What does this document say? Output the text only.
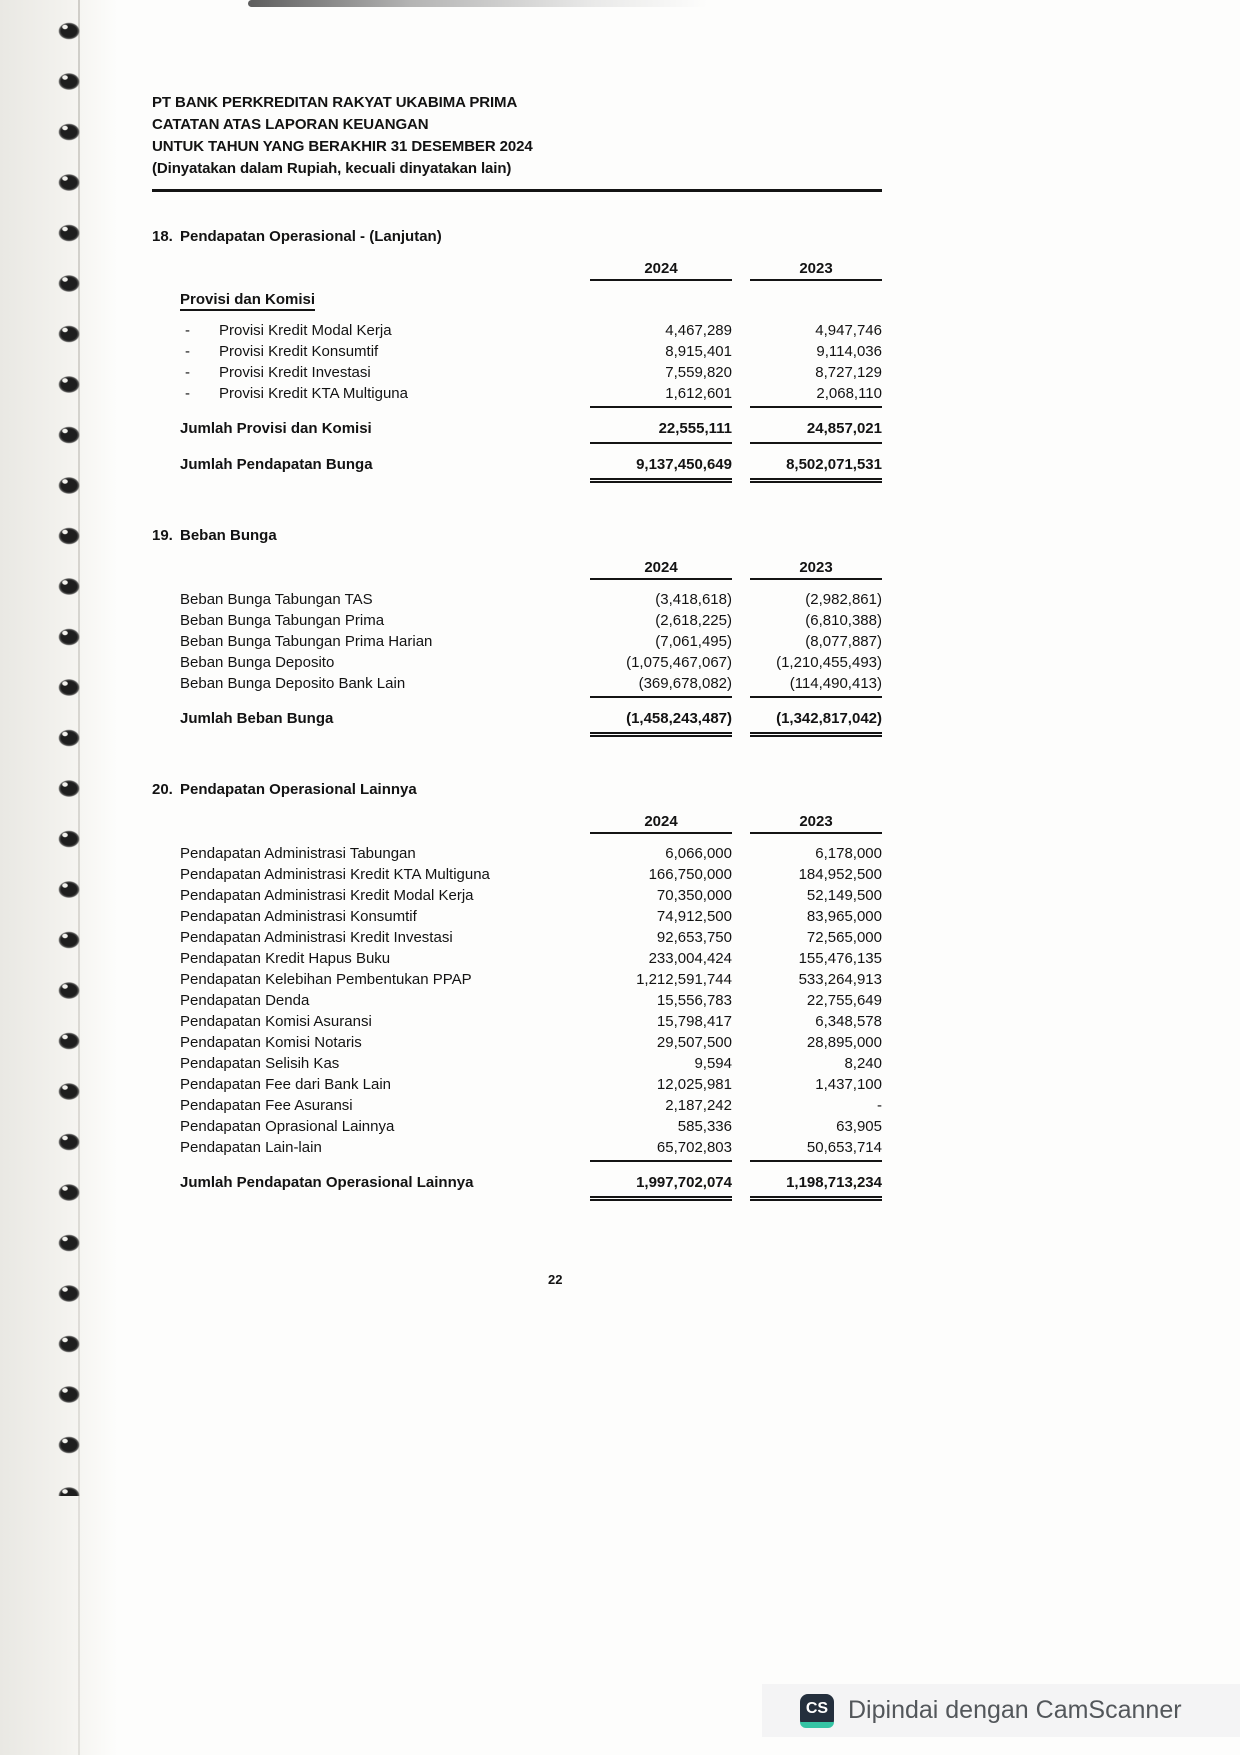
PT BANK PERKREDITAN RAKYAT UKABIMA PRIMA
CATATAN ATAS LAPORAN KEUANGAN
UNTUK TAHUN YANG BERAKHIR 31 DESEMBER 2024
(Dinyatakan dalam Rupiah, kecuali dinyatakan lain)
18. Pendapatan Operasional - (Lanjutan)
2024	2023
Provisi dan Komisi
-	Provisi Kredit Modal Kerja	4,467,289	4,947,746
-	Provisi Kredit Konsumtif	8,915,401	9,114,036
-	Provisi Kredit Investasi	7,559,820	8,727,129
-	Provisi Kredit KTA Multiguna	1,612,601	2,068,110
Jumlah Provisi dan Komisi	22,555,111	24,857,021
Jumlah Pendapatan Bunga	9,137,450,649	8,502,071,531
19. Beban Bunga
2024	2023
Beban Bunga Tabungan TAS	(3,418,618)	(2,982,861)
Beban Bunga Tabungan Prima	(2,618,225)	(6,810,388)
Beban Bunga Tabungan Prima Harian	(7,061,495)	(8,077,887)
Beban Bunga Deposito	(1,075,467,067)	(1,210,455,493)
Beban Bunga Deposito Bank Lain	(369,678,082)	(114,490,413)
Jumlah Beban Bunga	(1,458,243,487)	(1,342,817,042)
20. Pendapatan Operasional Lainnya
2024	2023
Pendapatan Administrasi Tabungan	6,066,000	6,178,000
Pendapatan Administrasi Kredit KTA Multiguna	166,750,000	184,952,500
Pendapatan Administrasi Kredit Modal Kerja	70,350,000	52,149,500
Pendapatan Administrasi Konsumtif	74,912,500	83,965,000
Pendapatan Administrasi Kredit Investasi	92,653,750	72,565,000
Pendapatan Kredit Hapus Buku	233,004,424	155,476,135
Pendapatan Kelebihan Pembentukan PPAP	1,212,591,744	533,264,913
Pendapatan Denda	15,556,783	22,755,649
Pendapatan Komisi Asuransi	15,798,417	6,348,578
Pendapatan Komisi Notaris	29,507,500	28,895,000
Pendapatan Selisih Kas	9,594	8,240
Pendapatan Fee dari Bank Lain	12,025,981	1,437,100
Pendapatan Fee Asuransi	2,187,242	-
Pendapatan Oprasional Lainnya	585,336	63,905
Pendapatan Lain-lain	65,702,803	50,653,714
Jumlah Pendapatan Operasional Lainnya	1,997,702,074	1,198,713,234
22
CS Dipindai dengan CamScanner
